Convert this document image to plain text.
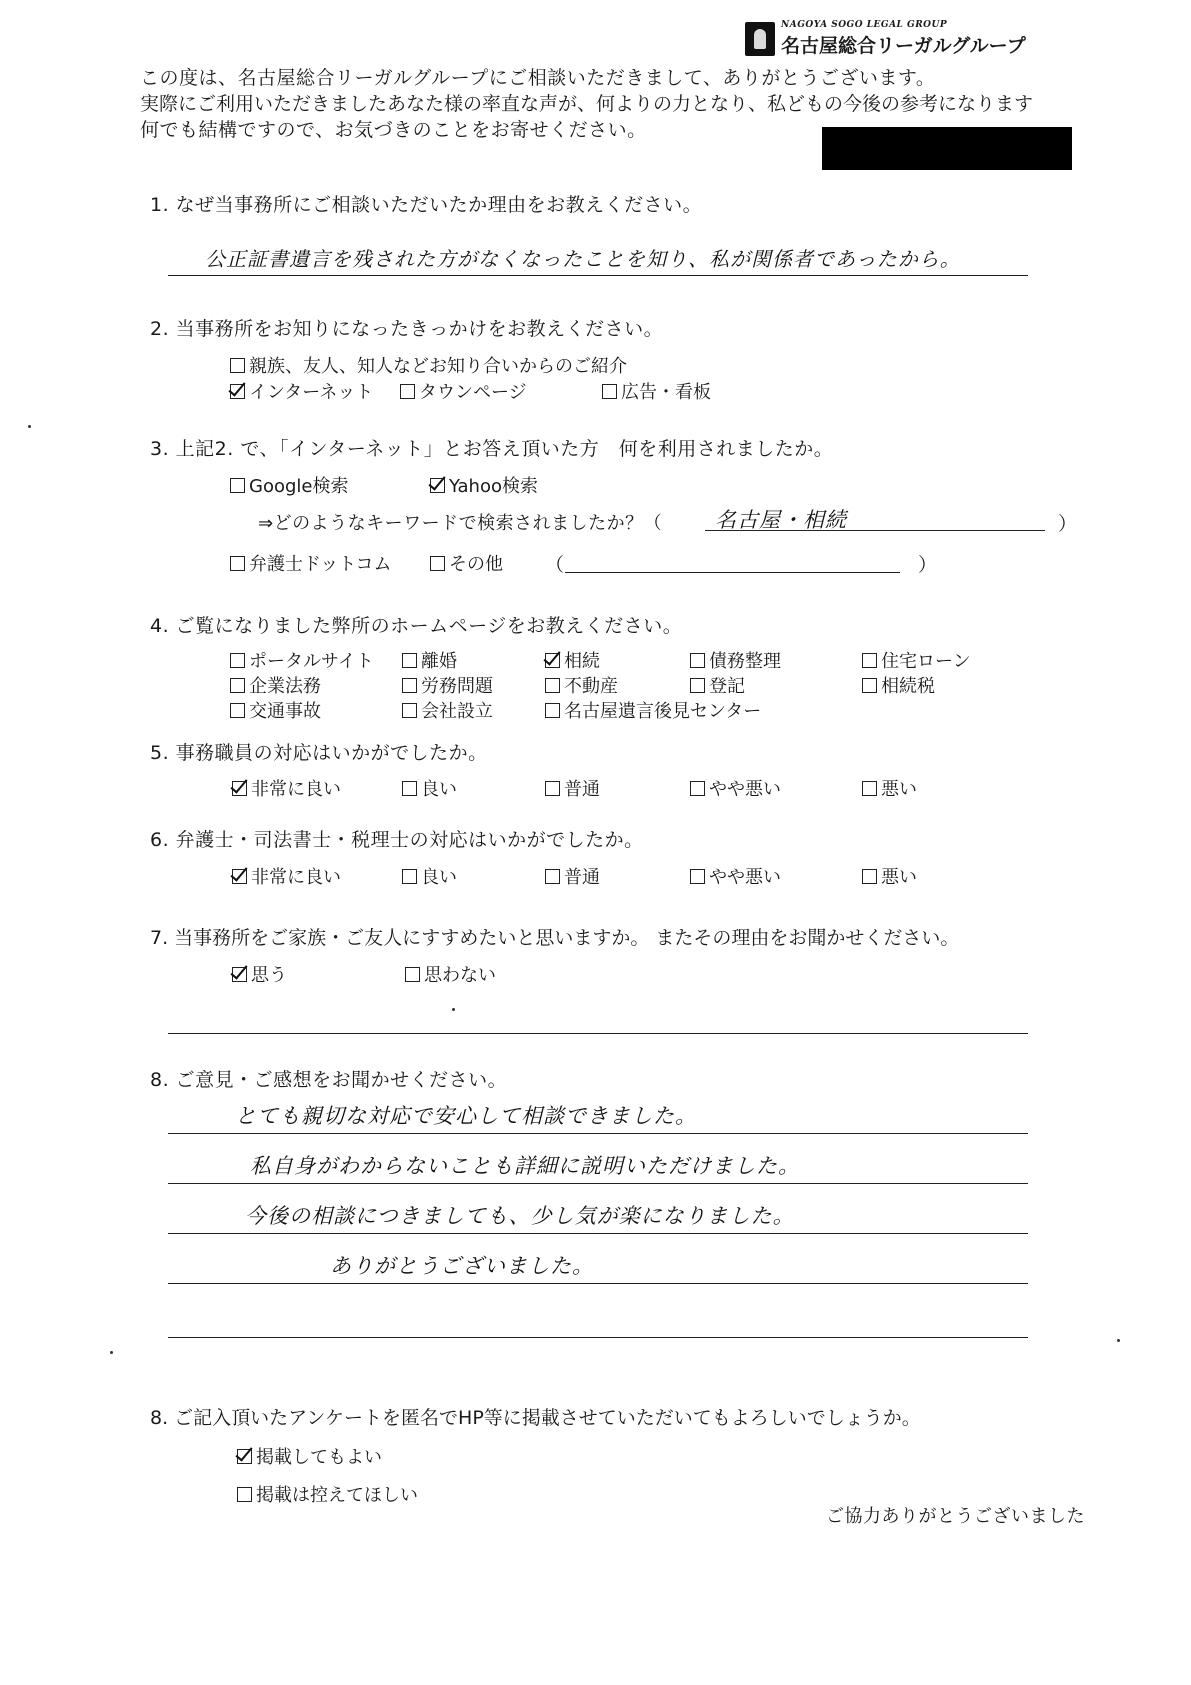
NAGOYA SOGO LEGAL GROUP
名古屋総合リーガルグループ
この度は、名古屋総合リーガルグループにご相談いただきまして、ありがとうございます。
実際にご利用いただきましたあなた様の率直な声が、何よりの力となり、私どもの今後の参考になります
何でも結構ですので、お気づきのことをお寄せください。
1. なぜ当事務所にご相談いただいたか理由をお教えください。
公正証書遺言を残された方がなくなったことを知り、私が関係者であったから。
2. 当事務所をお知りになったきっかけをお教えください。
親族、友人、知人などお知り合いからのご紹介
インターネット	タウンページ	広告・看板
3. 上記2. で、「インターネット」とお答え頂いた方　何を利用されましたか。
Google検索	Yahoo検索
⇒どのようなキーワードで検索されましたか？（	名古屋・相続	）
弁護士ドットコム	その他 （	）
4. ご覧になりました弊所のホームページをお教えください。
ポータルサイト	離婚	相続	債務整理	住宅ローン
企業法務	労務問題	不動産	登記	相続税
交通事故	会社設立	名古屋遺言後見センター
5. 事務職員の対応はいかがでしたか。
非常に良い	良い	普通	やや悪い	悪い
6. 弁護士・司法書士・税理士の対応はいかがでしたか。
非常に良い	良い	普通	やや悪い	悪い
7. 当事務所をご家族・ご友人にすすめたいと思いますか。 またその理由をお聞かせください。
思う	思わない
8. ご意見・ご感想をお聞かせください。
とても親切な対応で安心して相談できました。
私自身がわからないことも詳細に説明いただけました。
今後の相談につきましても、少し気が楽になりました。
ありがとうございました。
8. ご記入頂いたアンケートを匿名でHP等に掲載させていただいてもよろしいでしょうか。
掲載してもよい
掲載は控えてほしい
ご協力ありがとうございました
